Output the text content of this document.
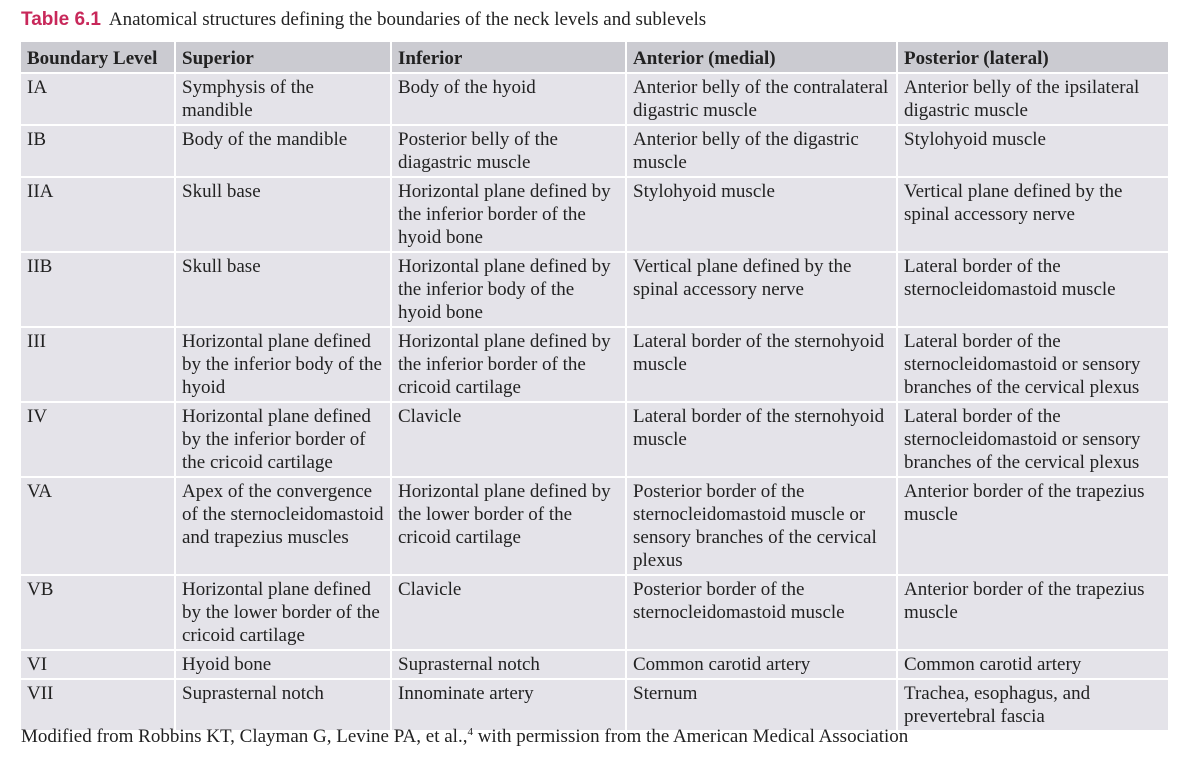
Table 6.1 Anatomical structures defining the boundaries of the neck levels and sublevels
Boundary Level	Superior	Inferior	Anterior (medial)	Posterior (lateral)
IA	Symphysis of the mandible	Body of the hyoid	Anterior belly of the contralateral digastric muscle	Anterior belly of the ipsilateral digastric muscle
IB	Body of the mandible	Posterior belly of the diagastric muscle	Anterior belly of the digastric muscle	Stylohyoid muscle
IIA	Skull base	Horizontal plane defined by the inferior border of the hyoid bone	Stylohyoid muscle	Vertical plane defined by the spinal accessory nerve
IIB	Skull base	Horizontal plane defined by the inferior body of the hyoid bone	Vertical plane defined by the spinal accessory nerve	Lateral border of the sternocleidomastoid muscle
III	Horizontal plane defined by the inferior body of the hyoid	Horizontal plane defined by the inferior border of the cricoid cartilage	Lateral border of the sternohyoid muscle	Lateral border of the sternocleidomastoid or sensory branches of the cervical plexus
IV	Horizontal plane defined by the inferior border of the cricoid cartilage	Clavicle	Lateral border of the sternohyoid muscle	Lateral border of the sternocleidomastoid or sensory branches of the cervical plexus
VA	Apex of the convergence of the sternocleidomastoid and trapezius muscles	Horizontal plane defined by the lower border of the cricoid cartilage	Posterior border of the sternocleidomastoid muscle or sensory branches of the cervical plexus	Anterior border of the trapezius muscle
VB	Horizontal plane defined by the lower border of the cricoid cartilage	Clavicle	Posterior border of the sternocleidomastoid muscle	Anterior border of the trapezius muscle
VI	Hyoid bone	Suprasternal notch	Common carotid artery	Common carotid artery
VII	Suprasternal notch	Innominate artery	Sternum	Trachea, esophagus, and prevertebral fascia
Modified from Robbins KT, Clayman G, Levine PA, et al.,$^4$ with permission from the American Medical Association
